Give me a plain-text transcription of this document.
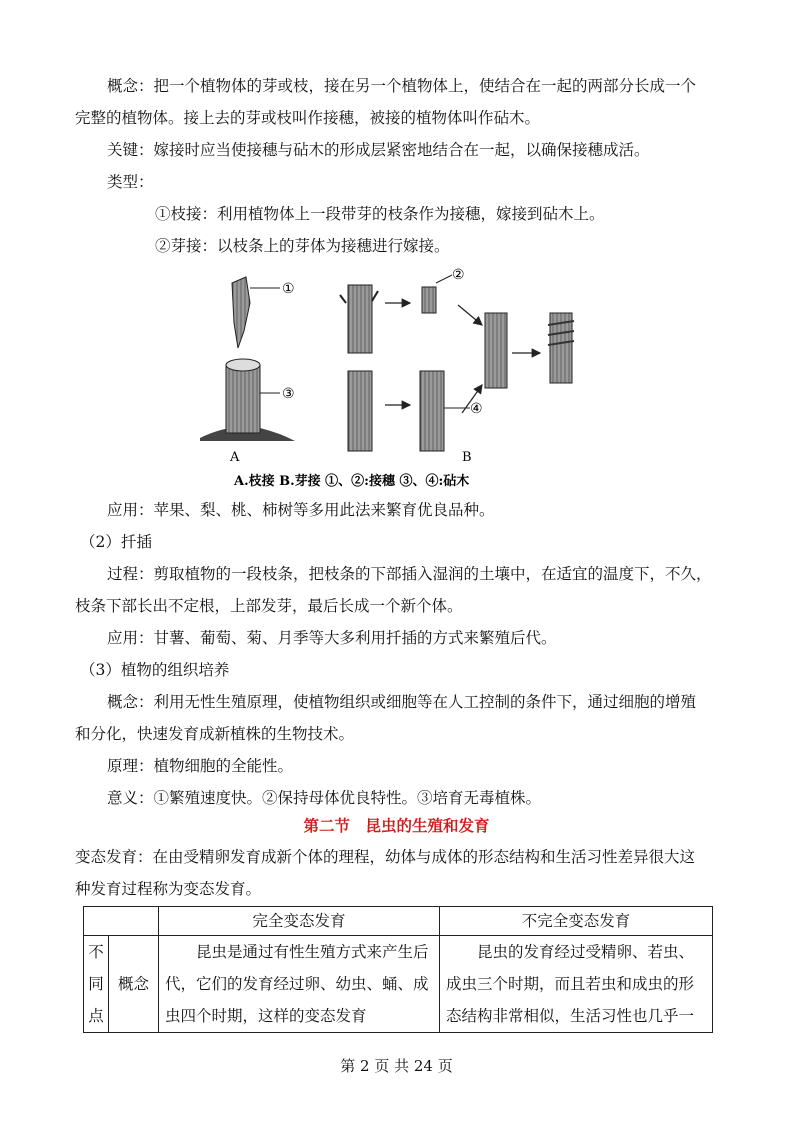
概念：把一个植物体的芽或枝，接在另一个植物体上，使结合在一起的两部分长成一个
完整的植物体。接上去的芽或枝叫作接穗，被接的植物体叫作砧木。
关键：嫁接时应当使接穗与砧木的形成层紧密地结合在一起，以确保接穗成活。
类型：
①枝接：利用植物体上一段带芽的枝条作为接穗，嫁接到砧木上。
②芽接：以枝条上的芽体为接穗进行嫁接。
①
③
A
②
④
B
A.枝接 B.芽接 ①、②:接穗 ③、④:砧木
应用：苹果、梨、桃、柿树等多用此法来繁育优良品种。
（2）扦插
过程：剪取植物的一段枝条，把枝条的下部插入湿润的土壤中，在适宜的温度下，不久，
枝条下部长出不定根，上部发芽，最后长成一个新个体。
应用：甘薯、葡萄、菊、月季等大多利用扦插的方式来繁殖后代。
（3）植物的组织培养
概念：利用无性生殖原理，使植物组织或细胞等在人工控制的条件下，通过细胞的增殖
和分化，快速发育成新植株的生物技术。
原理：植物细胞的全能性。
意义：①繁殖速度快。②保持母体优良特性。③培育无毒植株。
第二节　昆虫的生殖和发育
变态发育：在由受精卵发育成新个体的理程，幼体与成体的形态结构和生活习性差异很大这
种发育过程称为变态发育。
		完全变态发育	不完全变态发育

不
同
点	概念	昆虫是通过有性生殖方式来产生后代，它们的发育经过卵、幼虫、蛹、成虫四个时期，这样的变态发育	昆虫的发育经过受精卵、若虫、成虫三个时期，而且若虫和成虫的形态结构非常相似，生活习性也几乎一
第 2 页 共 24 页
